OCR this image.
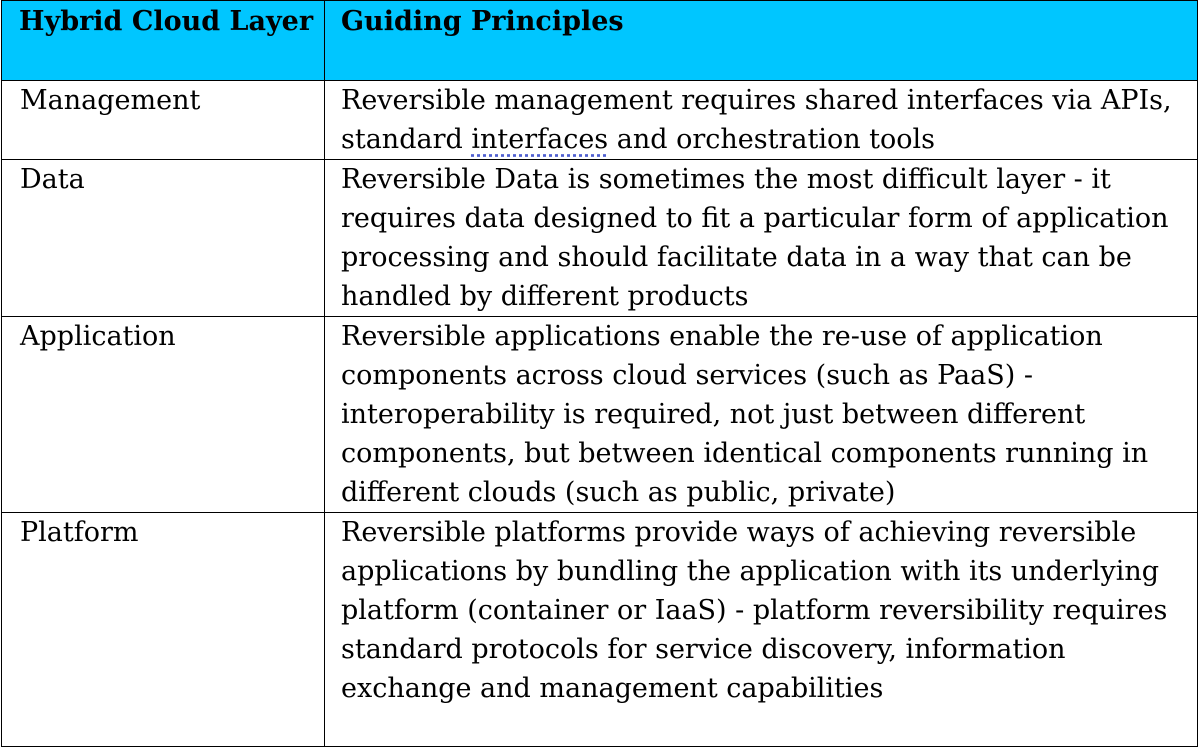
Hybrid Cloud Layer	Guiding Principles
Management	Reversible management requires shared interfaces via APIs, standard interfaces and orchestration tools
Data	Reversible Data is sometimes the most difficult layer - it requires data designed to fit a particular form of application processing and should facilitate data in a way that can be handled by different products
Application	Reversible applications enable the re-use of application components across cloud services (such as PaaS) - interoperability is required, not just between different components, but between identical components running in different clouds (such as public, private)
Platform	Reversible platforms provide ways of achieving reversible applications by bundling the application with its underlying platform (container or IaaS) - platform reversibility requires standard protocols for service discovery, information exchange and management capabilities
